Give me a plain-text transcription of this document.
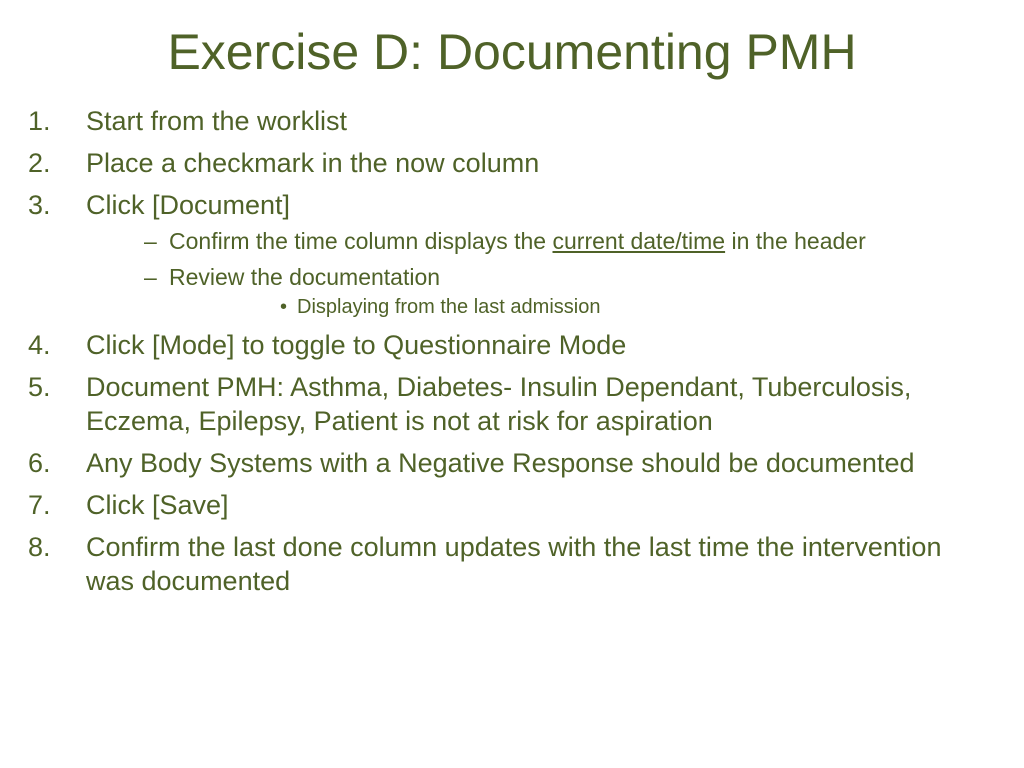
Exercise D: Documenting PMH
1. Start from the worklist
2. Place a checkmark in the now column
3. Click [Document]
– Confirm the time column displays the current date/time in the header
– Review the documentation
• Displaying from the last admission
4. Click [Mode] to toggle to Questionnaire Mode
5. Document PMH: Asthma, Diabetes- Insulin Dependant, Tuberculosis, Eczema, Epilepsy, Patient is not at risk for aspiration
6. Any Body Systems with a Negative Response should be documented
7. Click [Save]
8. Confirm the last done column updates with the last time the intervention was documented
